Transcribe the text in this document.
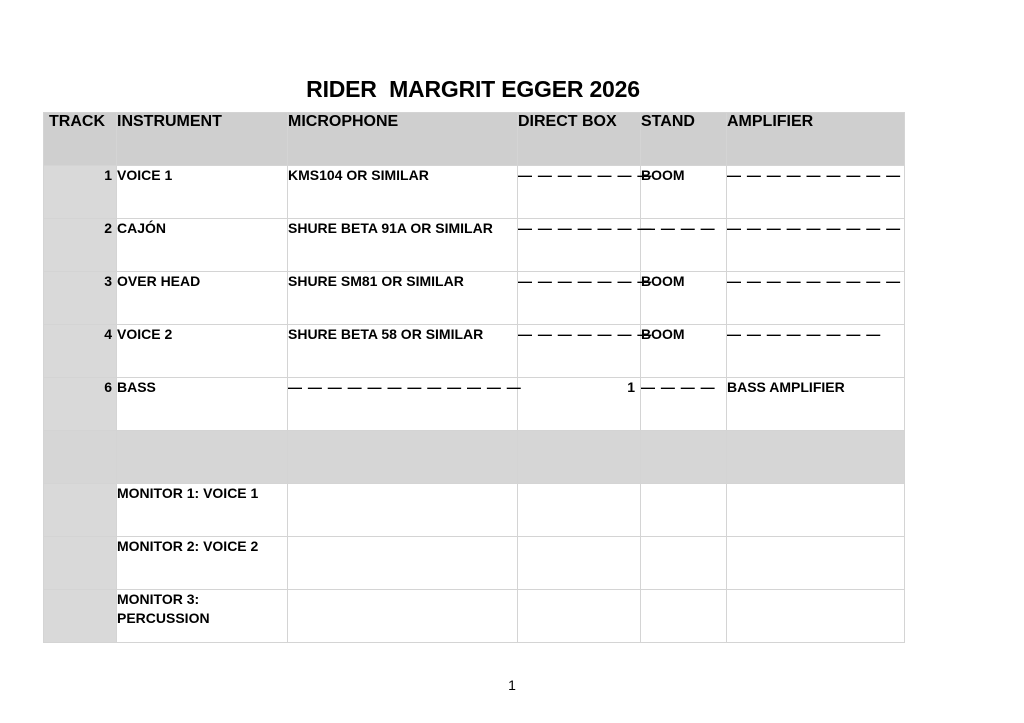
RIDER  MARGRIT EGGER 2026
TRACK	INSTRUMENT	MICROPHONE	DIRECT BOX	STAND	AMPLIFIER
1	VOICE 1	KMS104 OR SIMILAR	— — — — — — —	BOOM	— — — — — — — — —
2	CAJÓN	SHURE BETA 91A OR SIMILAR	— — — — — — —	— — — —	— — — — — — — — —
3	OVER HEAD	SHURE SM81 OR SIMILAR	— — — — — — —	BOOM	— — — — — — — — —
4	VOICE 2	SHURE BETA 58 OR SIMILAR	— — — — — — —	BOOM	— — — — — — — —
6	BASS	— — — — — — — — — — — —	1	— — — —	BASS AMPLIFIER

	MONITOR 1: VOICE 1				
	MONITOR 2: VOICE 2				
	MONITOR 3: PERCUSSION				
1
